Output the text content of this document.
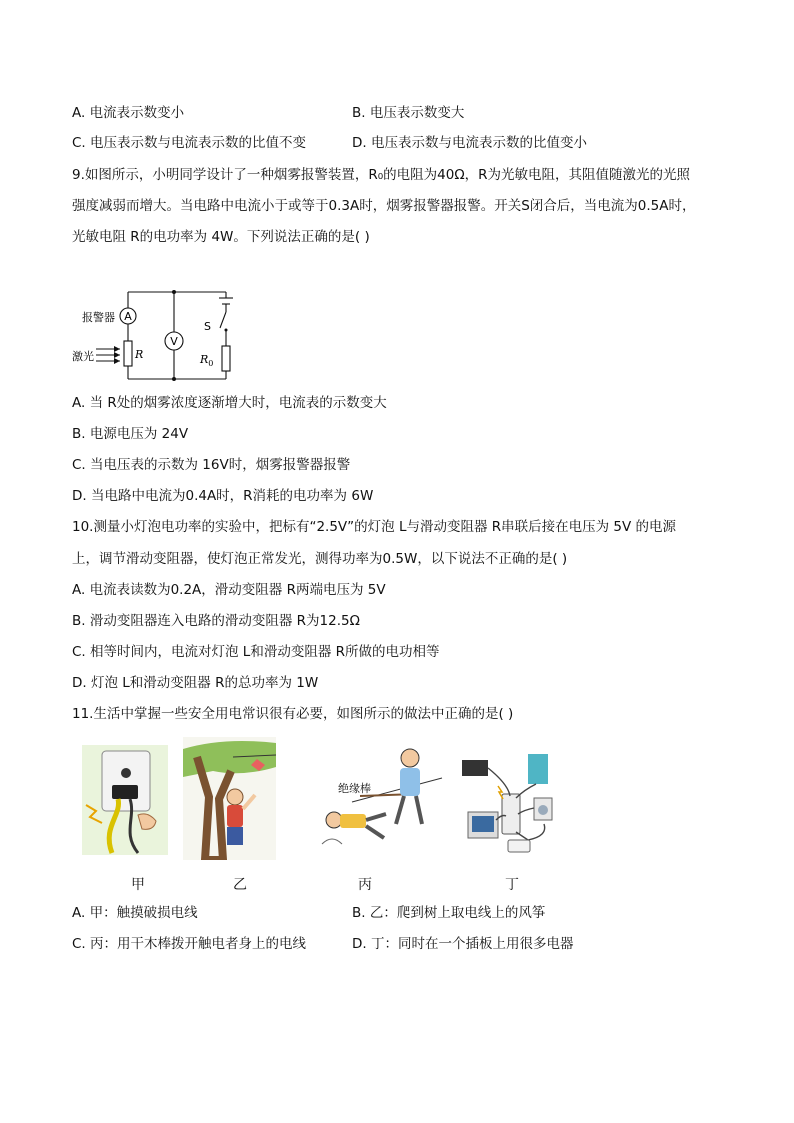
A. 电流表示数变小	B. 电压表示数变大
C. 电压表示数与电流表示数的比值不变	D. 电压表示数与电流表示数的比值变小
9.如图所示，小明同学设计了一种烟雾报警装置，R₀的电阻为40Ω，R为光敏电阻，其阻值随激光的光照
强度减弱而增大。当电路中电流小于或等于0.3A时，烟雾报警器报警。开关S闭合后，当电流为0.5A时，
光敏电阻 R的电功率为 4W。下列说法正确的是( )
A
V
报警器
激光	R
S
$R_0$
A. 当 R处的烟雾浓度逐渐增大时，电流表的示数变大
B. 电源电压为 24V
C. 当电压表的示数为 16V时，烟雾报警器报警
D. 当电路中电流为0.4A时，R消耗的电功率为 6W
10.测量小灯泡电功率的实验中，把标有“2.5V”的灯泡 L与滑动变阻器 R串联后接在电压为 5V 的电源
上，调节滑动变阻器，使灯泡正常发光，测得功率为0.5W，以下说法不正确的是( )
A. 电流表读数为0.2A，滑动变阻器 R两端电压为 5V
B. 滑动变阻器连入电路的滑动变阻器 R为12.5Ω
C. 相等时间内，电流对灯泡 L和滑动变阻器 R所做的电功相等
D. 灯泡 L和滑动变阻器 R的总功率为 1W
11.生活中掌握一些安全用电常识很有必要，如图所示的做法中正确的是( )
绝缘棒
甲	乙	丙	丁
A. 甲：触摸破损电线	B. 乙：爬到树上取电线上的风筝
C. 丙：用干木棒拨开触电者身上的电线	D. 丁：同时在一个插板上用很多电器
